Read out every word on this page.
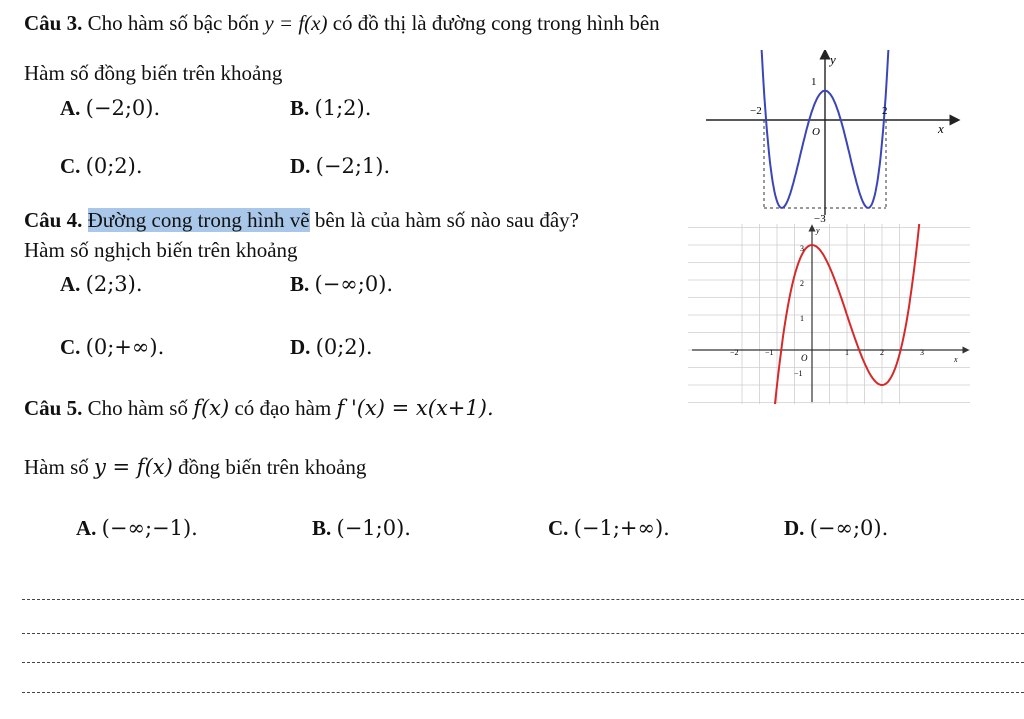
Câu 3. Cho hàm số bậc bốn y = f(x) có đồ thị là đường cong trong hình bên
Hàm số đồng biến trên khoảng
A. (−2;0).	B. (1;2).
C. (0;2).	D. (−2;1).
y
x
O
1
−2	2
−3
Câu 4. Đường cong trong hình vẽ bên là của hàm số nào sau đây?
Hàm số nghịch biến trên khoảng
A. (2;3).	B. (−∞;0).
C. (0;+∞).	D. (0;2).
y
x
O
3
2
1
−1
−2	−1	1	2	3
Câu 5. Cho hàm số f(x) có đạo hàm f '(x) = x(x+1).
Hàm số y = f(x) đồng biến trên khoảng
A. (−∞;−1).	B. (−1;0).	C. (−1;+∞).	D. (−∞;0).
